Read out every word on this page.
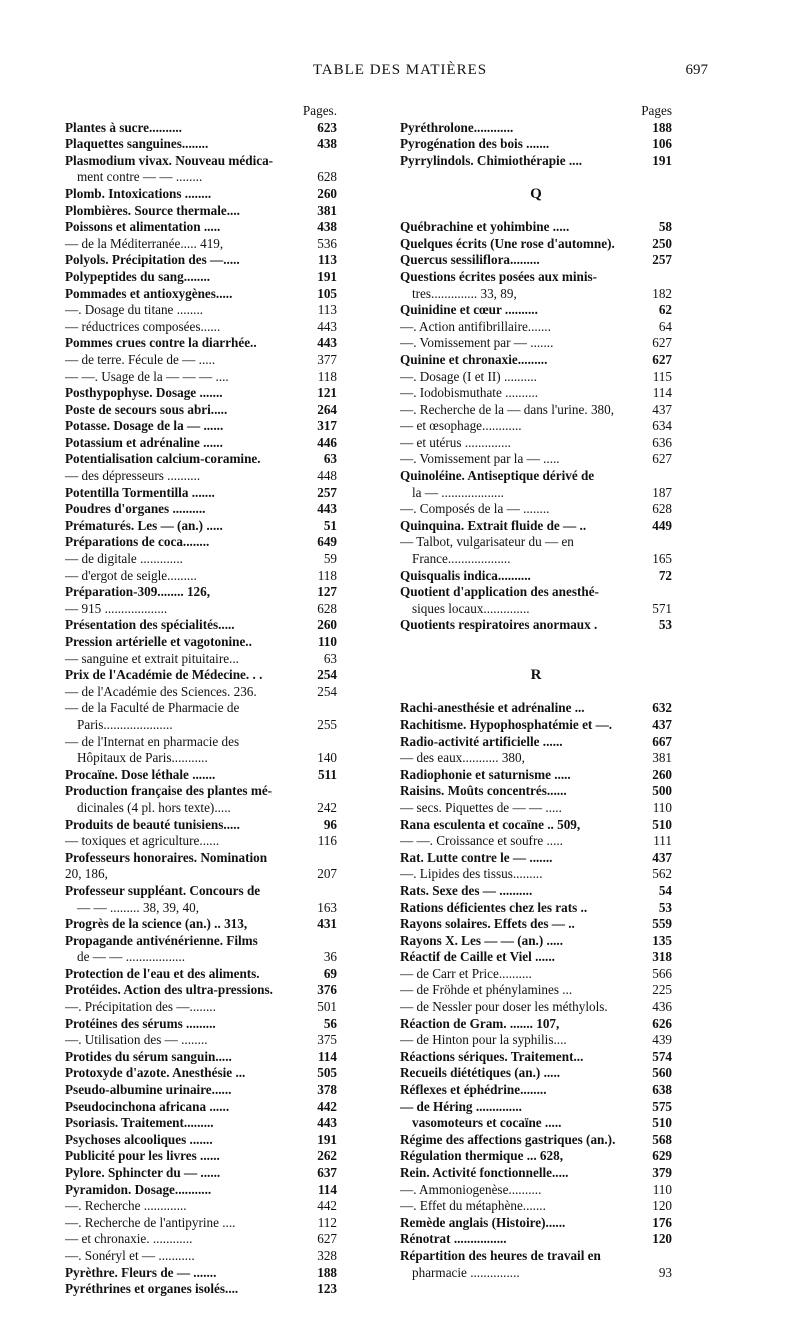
TABLE DES MATIÈRES	697
Pages.
Plantes à sucre..........	623
Plaquettes sanguines........	438
Plasmodium vivax. Nouveau médica-
ment contre — — ........	628
Plomb. Intoxications ........	260
Plombières. Source thermale....	381
Poissons et alimentation .....	438
— de la Méditerranée..... 419,	536
Polyols. Précipitation des —.....	113
Polypeptides du sang........	191
Pommades et antioxygènes.....	105
—. Dosage du titane ........	113
— réductrices composées......	443
Pommes crues contre la diarrhée..	443
— de terre. Fécule de — .....	377
— —. Usage de la — — — ....	118
Posthypophyse. Dosage .......	121
Poste de secours sous abri.....	264
Potasse. Dosage de la — ......	317
Potassium et adrénaline ......	446
Potentialisation calcium-coramine.	63
— des dépresseurs ..........	448
Potentilla Tormentilla .......	257
Poudres d'organes ..........	443
Prématurés. Les — (an.) .....	51
Préparations de coca........	649
— de digitale .............	59
— d'ergot de seigle.........	118
Préparation-309........ 126,	127
— 915 ...................	628
Présentation des spécialités.....	260
Pression artérielle et vagotonine..	110
— sanguine et extrait pituitaire...	63
Prix de l'Académie de Médecine. . .	254
— de l'Académie des Sciences. 236.	254
— de la Faculté de Pharmacie de
Paris.....................	255
— de l'Internat en pharmacie des
Hôpitaux de Paris...........	140
Procaïne. Dose léthale .......	511
Production française des plantes mé-
dicinales (4 pl. hors texte).....	242
Produits de beauté tunisiens.....	96
— toxiques et agriculture......	116
Professeurs honoraires. Nomination
20, 186,	207
Professeur suppléant. Concours de
— — ......... 38, 39, 40,	163
Progrès de la science (an.) .. 313,	431
Propagande antivénérienne. Films
de — — ..................	36
Protection de l'eau et des aliments.	69
Protéides. Action des ultra-pressions.	376
—. Précipitation des —........	501
Protéines des sérums .........	56
—. Utilisation des — ........	375
Protides du sérum sanguin.....	114
Protoxyde d'azote. Anesthésie ...	505
Pseudo-albumine urinaire......	378
Pseudocinchona africana ......	442
Psoriasis. Traitement.........	443
Psychoses alcooliques .......	191
Publicité pour les livres ......	262
Pylore. Sphincter du — ......	637
Pyramidon. Dosage...........	114
—. Recherche .............	442
—. Recherche de l'antipyrine ....	112
— et chronaxie. ............	627
—. Sonéryl et — ...........	328
Pyrèthre. Fleurs de — .......	188
Pyréthrines et organes isolés....	123
Pages
Pyréthrolone............	188
Pyrogénation des bois .......	106
Pyrrylindols. Chimiothérapie ....	191
Q
Québrachine et yohimbine .....	58
Quelques écrits (Une rose d'automne).	250
Quercus sessiliflora.........	257
Questions écrites posées aux minis-
tres.............. 33, 89,	182
Quinidine et cœur ..........	62
—. Action antifibrillaire.......	64
—. Vomissement par — .......	627
Quinine et chronaxie.........	627
—. Dosage (I et II) ..........	115
—. Iodobismuthate ..........	114
—. Recherche de la — dans l'urine. 380,	437
— et œsophage............	634
— et utérus ..............	636
—. Vomissement par la — .....	627
Quinoléine. Antiseptique dérivé de
la — ...................	187
—. Composés de la — ........	628
Quinquina. Extrait fluide de — ..	449
— Talbot, vulgarisateur du — en
France...................	165
Quisqualis indica..........	72
Quotient d'application des anesthé-
siques locaux..............	571
Quotients respiratoires anormaux .	53
R
Rachi-anesthésie et adrénaline ...	632
Rachitisme. Hypophosphatémie et —.	437
Radio-activité artificielle ......	667
— des eaux........... 380,	381
Radiophonie et saturnisme .....	260
Raisins. Moûts concentrés......	500
— secs. Piquettes de — — .....	110
Rana esculenta et cocaïne .. 509,	510
— —. Croissance et soufre .....	111
Rat. Lutte contre le — .......	437
—. Lipides des tissus.........	562
Rats. Sexe des — ..........	54
Rations déficientes chez les rats ..	53
Rayons solaires. Effets des — ..	559
Rayons X. Les — — (an.) .....	135
Réactif de Caille et Viel ......	318
— de Carr et Price..........	566
— de Fröhde et phénylamines ...	225
— de Nessler pour doser les méthylols.	436
Réaction de Gram. ....... 107,	626
— de Hinton pour la syphilis....	439
Réactions sériques. Traitement...	574
Recueils diététiques (an.) .....	560
Réflexes et éphédrine........	638
— de Héring ..............	575
vasomoteurs et cocaïne .....	510
Régime des affections gastriques (an.).	568
Régulation thermique ... 628,	629
Rein. Activité fonctionnelle.....	379
—. Ammoniogenèse..........	110
—. Effet du métaphène.......	120
Remède anglais (Histoire)......	176
Rénotrat ................	120
Répartition des heures de travail en
pharmacie ...............	93
